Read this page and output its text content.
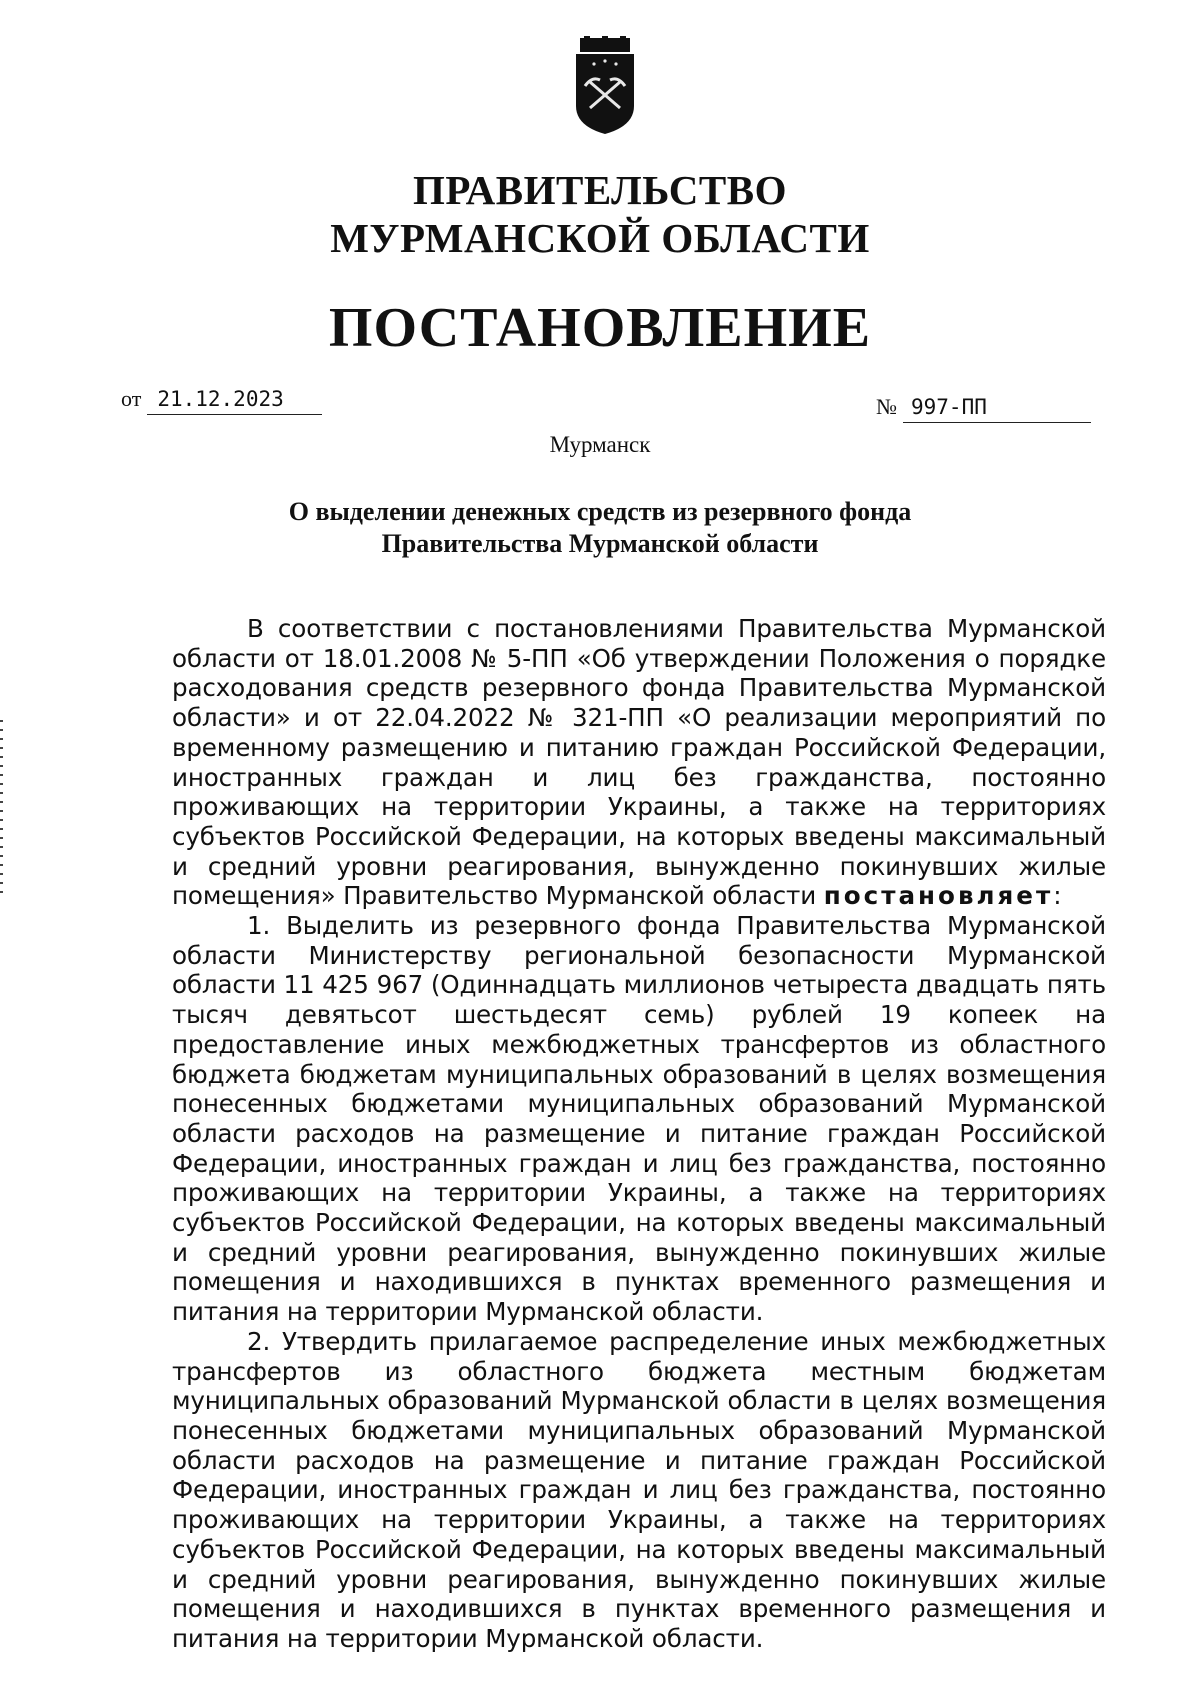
ПРАВИТЕЛЬСТВО
МУРМАНСКОЙ ОБЛАСТИ
ПОСТАНОВЛЕНИЕ
от 21.12.2023	№ 997-ПП
Мурманск
О выделении денежных средств из резервного фонда
Правительства Мурманской области

В соответствии с постановлениями Правительства Мурманской области от 18.01.2008 № 5-ПП «Об утверждении Положения о порядке расходования средств резервного фонда Правительства Мурманской области» и от 22.04.2022 № 321-ПП «О реализации мероприятий по временному размещению и питанию граждан Российской Федерации, иностранных граждан и лиц без гражданства, постоянно проживающих на территории Украины, а также на территориях субъектов Российской Федерации, на которых введены максимальный и средний уровни реагирования, вынужденно покинувших жилые помещения» Правительство Мурманской области постановляет:

1. Выделить из резервного фонда Правительства Мурманской области Министерству региональной безопасности Мурманской области 11 425 967 (Одиннадцать миллионов четыреста двадцать пять тысяч девятьсот шестьдесят семь) рублей 19 копеек на предоставление иных межбюджетных трансфертов из областного бюджета бюджетам муниципальных образований в целях возмещения понесенных бюджетами муниципальных образований Мурманской области расходов на размещение и питание граждан Российской Федерации, иностранных граждан и лиц без гражданства, постоянно проживающих на территории Украины, а также на территориях субъектов Российской Федерации, на которых введены максимальный и средний уровни реагирования, вынужденно покинувших жилые помещения и находившихся в пунктах временного размещения и питания на территории Мурманской области.

2. Утвердить прилагаемое распределение иных межбюджетных трансфертов из областного бюджета местным бюджетам муниципальных образований Мурманской области в целях возмещения понесенных бюджетами муниципальных образований Мурманской области расходов на размещение и питание граждан Российской Федерации, иностранных граждан и лиц без гражданства, постоянно проживающих на территории Украины, а также на территориях субъектов Российской Федерации, на которых введены максимальный и средний уровни реагирования, вынужденно покинувших жилые помещения и находившихся в пунктах временного размещения и питания на территории Мурманской области.
